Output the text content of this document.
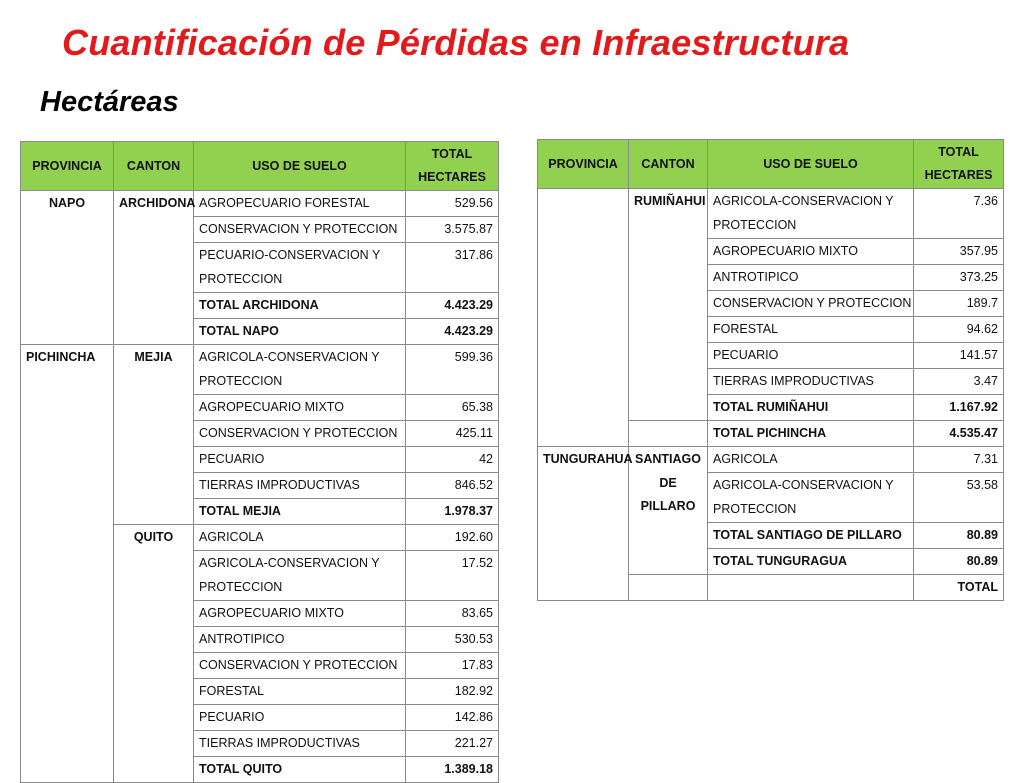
Cuantificación de Pérdidas en Infraestructura
Hectáreas
PROVINCIA	CANTON	USO DE SUELO	TOTAL
HECTARES
NAPO	ARCHIDONA	AGROPECUARIO FORESTAL	529.56
		CONSERVACION Y PROTECCION	3.575.87
		PECUARIO-CONSERVACION Y PROTECCION	317.86
		TOTAL ARCHIDONA	4.423.29
		TOTAL NAPO	4.423.29
PICHINCHA	MEJIA	AGRICOLA-CONSERVACION Y PROTECCION	599.36
		AGROPECUARIO MIXTO	65.38
		CONSERVACION Y PROTECCION	425.11
		PECUARIO	42
		TIERRAS IMPRODUCTIVAS	846.52
		TOTAL MEJIA	1.978.37
	QUITO	AGRICOLA	192.60
		AGRICOLA-CONSERVACION Y PROTECCION	17.52
		AGROPECUARIO MIXTO	83.65
		ANTROTIPICO	530.53
		CONSERVACION Y PROTECCION	17.83
		FORESTAL	182.92
		PECUARIO	142.86
		TIERRAS IMPRODUCTIVAS	221.27
		TOTAL QUITO	1.389.18
PROVINCIA	CANTON	USO DE SUELO	TOTAL
HECTARES	
	RUMIÑAHUI	AGRICOLA-CONSERVACION Y PROTECCION	7.36	
		AGROPECUARIO MIXTO	357.95	
		ANTROTIPICO	373.25	
		CONSERVACION Y PROTECCION	189.7	
		FORESTAL	94.62	
		PECUARIO	141.57	
		TIERRAS IMPRODUCTIVAS	3.47	
		TOTAL RUMIÑAHUI	1.167.92	
		TOTAL PICHINCHA	4.535.47	
TUNGURAHUA	SANTIAGO DE PILLARO	AGRICOLA	7.31	
		AGRICOLA-CONSERVACION Y PROTECCION	53.58	
		TOTAL SANTIAGO DE PILLARO	80.89	
		TOTAL TUNGURAGUA	80.89	
			TOTAL	
